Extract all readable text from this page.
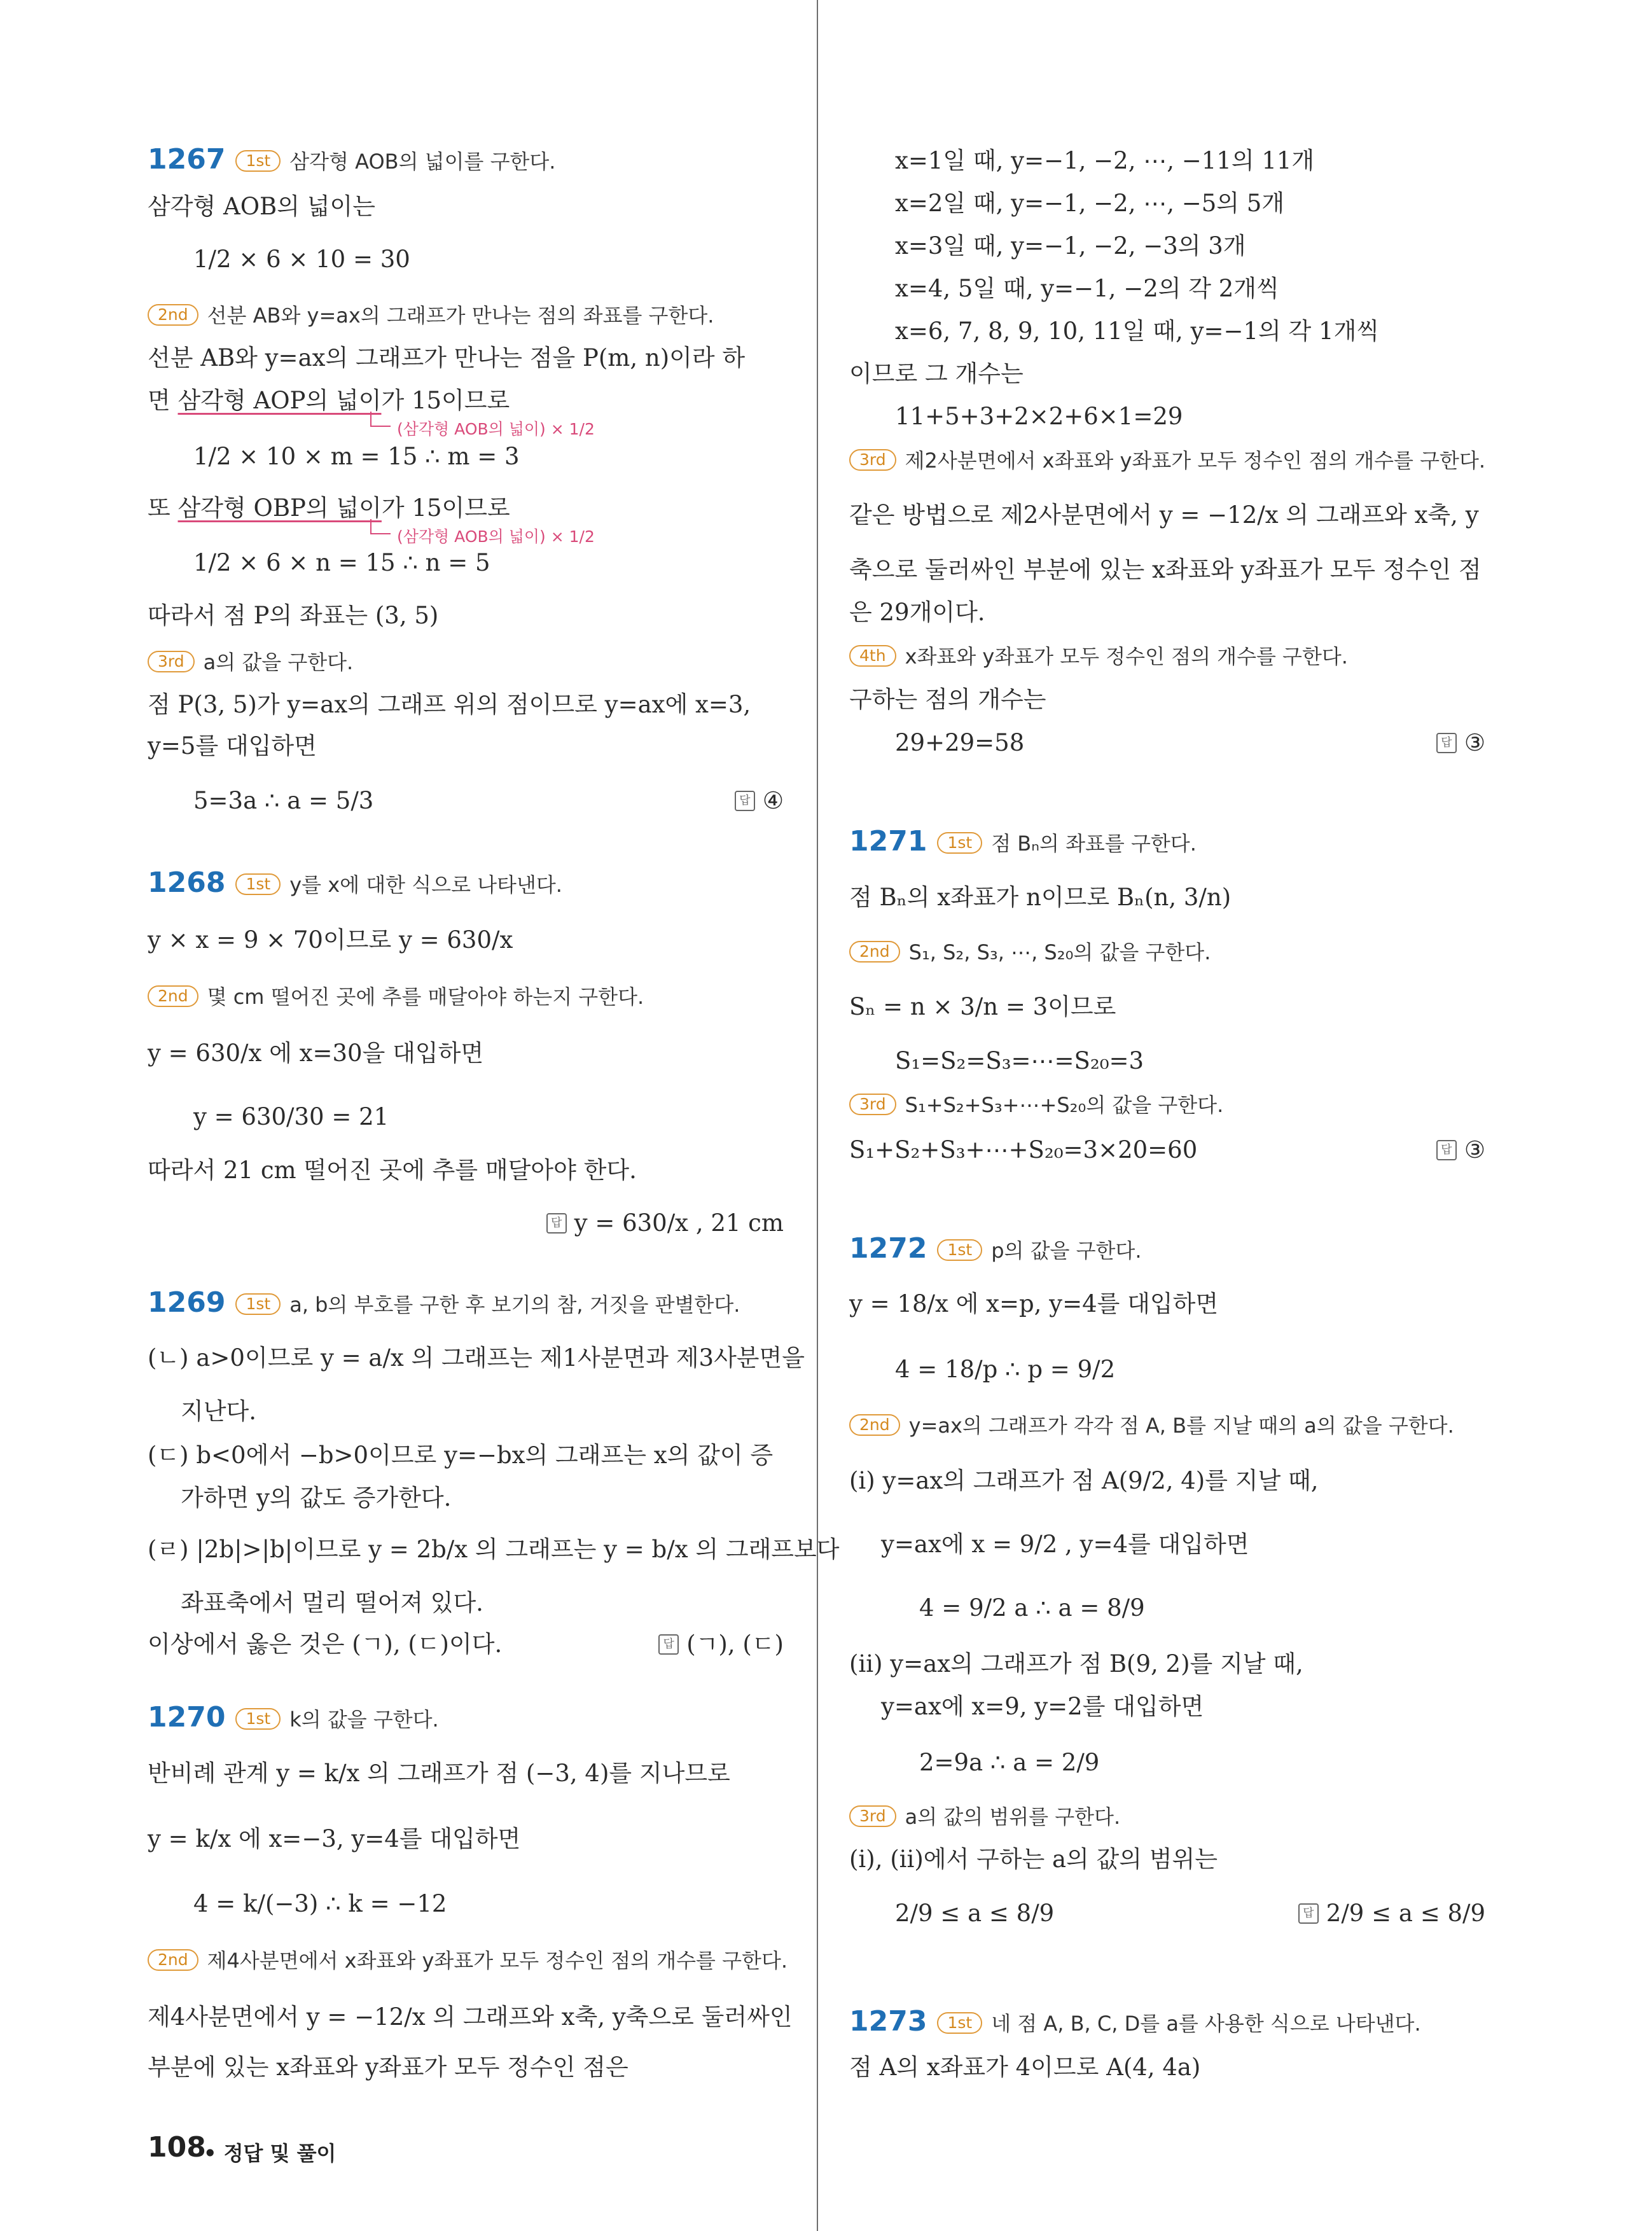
1267 1st 삼각형 AOB의 넓이를 구한다.
삼각형 AOB의 넓이는
1/2 × 6 × 10 = 30
2nd 선분 AB와 y=ax의 그래프가 만나는 점의 좌표를 구한다.
선분 AB와 y=ax의 그래프가 만나는 점을 P(m, n)이라 하
면 삼각형 AOP의 넓이가 15이므로
(삼각형 AOB의 넓이) × 1/2
1/2 × 10 × m = 15 ∴ m = 3
또 삼각형 OBP의 넓이가 15이므로
(삼각형 AOB의 넓이) × 1/2
1/2 × 6 × n = 15 ∴ n = 5
따라서 점 P의 좌표는 (3, 5)
3rd a의 값을 구한다.
점 P(3, 5)가 y=ax의 그래프 위의 점이므로 y=ax에 x=3,
y=5를 대입하면
5=3a ∴ a = 5/3	답 ④
1268 1st y를 x에 대한 식으로 나타낸다.
y × x = 9 × 70이므로 y = 630/x
2nd 몇 cm 떨어진 곳에 추를 매달아야 하는지 구한다.
y = 630/x 에 x=30을 대입하면
y = 630/30 = 21
따라서 21 cm 떨어진 곳에 추를 매달아야 한다.
답 y = 630/x , 21 cm
1269 1st a, b의 부호를 구한 후 보기의 참, 거짓을 판별한다.
(ㄴ) a>0이므로 y = a/x 의 그래프는 제1사분면과 제3사분면을
지난다.
(ㄷ) b<0에서 −b>0이므로 y=−bx의 그래프는 x의 값이 증
가하면 y의 값도 증가한다.
(ㄹ) |2b|>|b|이므로 y = 2b/x 의 그래프는 y = b/x 의 그래프보다
좌표축에서 멀리 떨어져 있다.
이상에서 옳은 것은 (ㄱ), (ㄷ)이다.	답 (ㄱ), (ㄷ)
1270 1st k의 값을 구한다.
반비례 관계 y = k/x 의 그래프가 점 (−3, 4)를 지나므로
y = k/x 에 x=−3, y=4를 대입하면
4 = k/(−3) ∴ k = −12
2nd 제4사분면에서 x좌표와 y좌표가 모두 정수인 점의 개수를 구한다.
제4사분면에서 y = −12/x 의 그래프와 x축, y축으로 둘러싸인
부분에 있는 x좌표와 y좌표가 모두 정수인 점은
x=1일 때, y=−1, −2, ⋯, −11의 11개
x=2일 때, y=−1, −2, ⋯, −5의 5개
x=3일 때, y=−1, −2, −3의 3개
x=4, 5일 때, y=−1, −2의 각 2개씩
x=6, 7, 8, 9, 10, 11일 때, y=−1의 각 1개씩
이므로 그 개수는
11+5+3+2×2+6×1=29
3rd 제2사분면에서 x좌표와 y좌표가 모두 정수인 점의 개수를 구한다.
같은 방법으로 제2사분면에서 y = −12/x 의 그래프와 x축, y
축으로 둘러싸인 부분에 있는 x좌표와 y좌표가 모두 정수인 점
은 29개이다.
4th x좌표와 y좌표가 모두 정수인 점의 개수를 구한다.
구하는 점의 개수는
29+29=58	답 ③
1271 1st 점 Bₙ의 좌표를 구한다.
점 Bₙ의 x좌표가 n이므로 Bₙ(n, 3/n)
2nd S₁, S₂, S₃, ⋯, S₂₀의 값을 구한다.
Sₙ = n × 3/n = 3이므로
S₁=S₂=S₃=⋯=S₂₀=3
3rd S₁+S₂+S₃+⋯+S₂₀의 값을 구한다.
S₁+S₂+S₃+⋯+S₂₀=3×20=60	답 ③
1272 1st p의 값을 구한다.
y = 18/x 에 x=p, y=4를 대입하면
4 = 18/p ∴ p = 9/2
2nd y=ax의 그래프가 각각 점 A, B를 지날 때의 a의 값을 구한다.
(i) y=ax의 그래프가 점 A(9/2, 4)를 지날 때,
y=ax에 x = 9/2 , y=4를 대입하면
4 = 9/2 a ∴ a = 8/9
(ii) y=ax의 그래프가 점 B(9, 2)를 지날 때,
y=ax에 x=9, y=2를 대입하면
2=9a ∴ a = 2/9
3rd a의 값의 범위를 구한다.
(i), (ii)에서 구하는 a의 값의 범위는
2/9 ≤ a ≤ 8/9	답 2/9 ≤ a ≤ 8/9
1273 1st 네 점 A, B, C, D를 a를 사용한 식으로 나타낸다.
점 A의 x좌표가 4이므로 A(4, 4a)
108
• 정답 및 풀이
